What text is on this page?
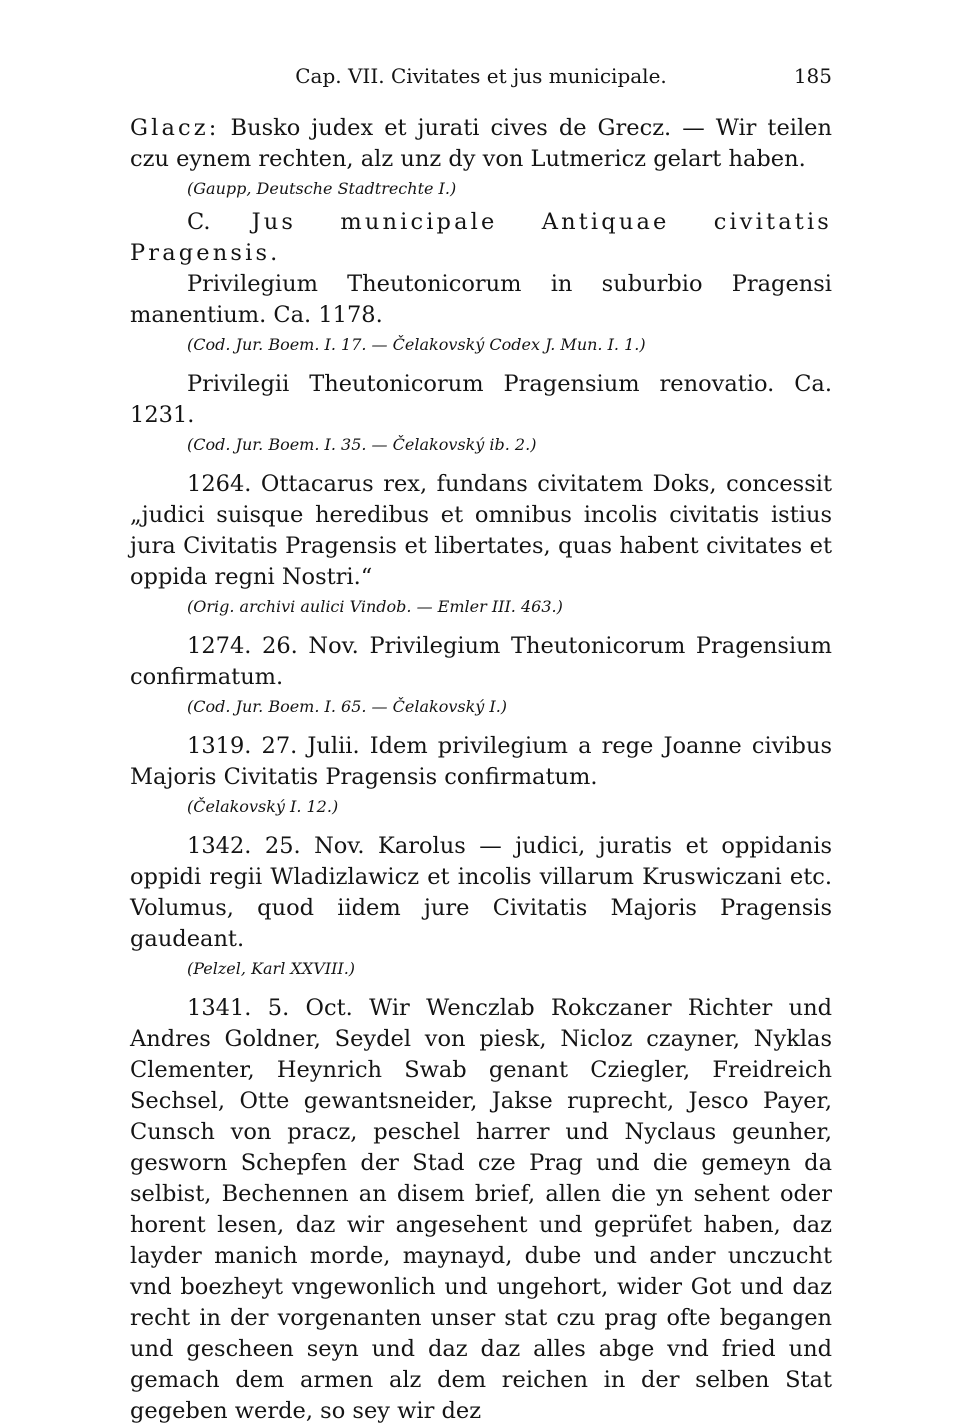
Cap. VII. Civitates et jus municipale.	185

Glacz: Busko judex et jurati cives de Grecz. — Wir teilen czu eynem rechten, alz unz dy von Lutmericz gelart haben.

(Gaupp, Deutsche Stadtrechte I.)

C. Jus municipale Antiquae civitatis Pragensis.

Privilegium Theutonicorum in suburbio Pragensi manentium. Ca. 1178.

(Cod. Jur. Boem. I. 17. — Čelakovský Codex J. Mun. I. 1.)

Privilegii Theutonicorum Pragensium renovatio. Ca. 1231.

(Cod. Jur. Boem. I. 35. — Čelakovský ib. 2.)

1264. Ottacarus rex, fundans civitatem Doks, concessit „judici suisque heredibus et omnibus incolis civitatis istius jura Civitatis Pragensis et libertates, quas habent civitates et oppida regni Nostri.“

(Orig. archivi aulici Vindob. — Emler III. 463.)

1274. 26. Nov. Privilegium Theutonicorum Pragensium confirmatum.

(Cod. Jur. Boem. I. 65. — Čelakovský I.)

1319. 27. Julii. Idem privilegium a rege Joanne civibus Majoris Civitatis Pragensis confirmatum.

(Čelakovský I. 12.)

1342. 25. Nov. Karolus — judici, juratis et oppidanis oppidi regii Wladizlawicz et incolis villarum Kruswiczani etc. Volumus, quod iidem jure Civitatis Majoris Pragensis gaudeant.

(Pelzel, Karl XXVIII.)

1341. 5. Oct. Wir Wenczlab Rokczaner Richter und Andres Goldner, Seydel von piesk, Nicloz czayner, Nyklas Clementer, Heynrich Swab genant Cziegler, Freidreich Sechsel, Otte gewantsneider, Jakse ruprecht, Jesco Payer, Cunsch von pracz, peschel harrer und Nyclaus geunher, gesworn Schepfen der Stad cze Prag und die gemeyn da selbist, Bechennen an disem brief, allen die yn sehent oder horent lesen, daz wir angesehent und geprüfet haben, daz layder manich morde, maynayd, dube und ander unczucht vnd boezheyt vngewonlich und ungehort, wider Got und daz recht in der vorgenanten unser stat czu prag ofte begangen und gescheen seyn und daz daz alles abge vnd fried und gemach dem armen alz dem reichen in der selben Stat gegeben werde, so sey wir dez
